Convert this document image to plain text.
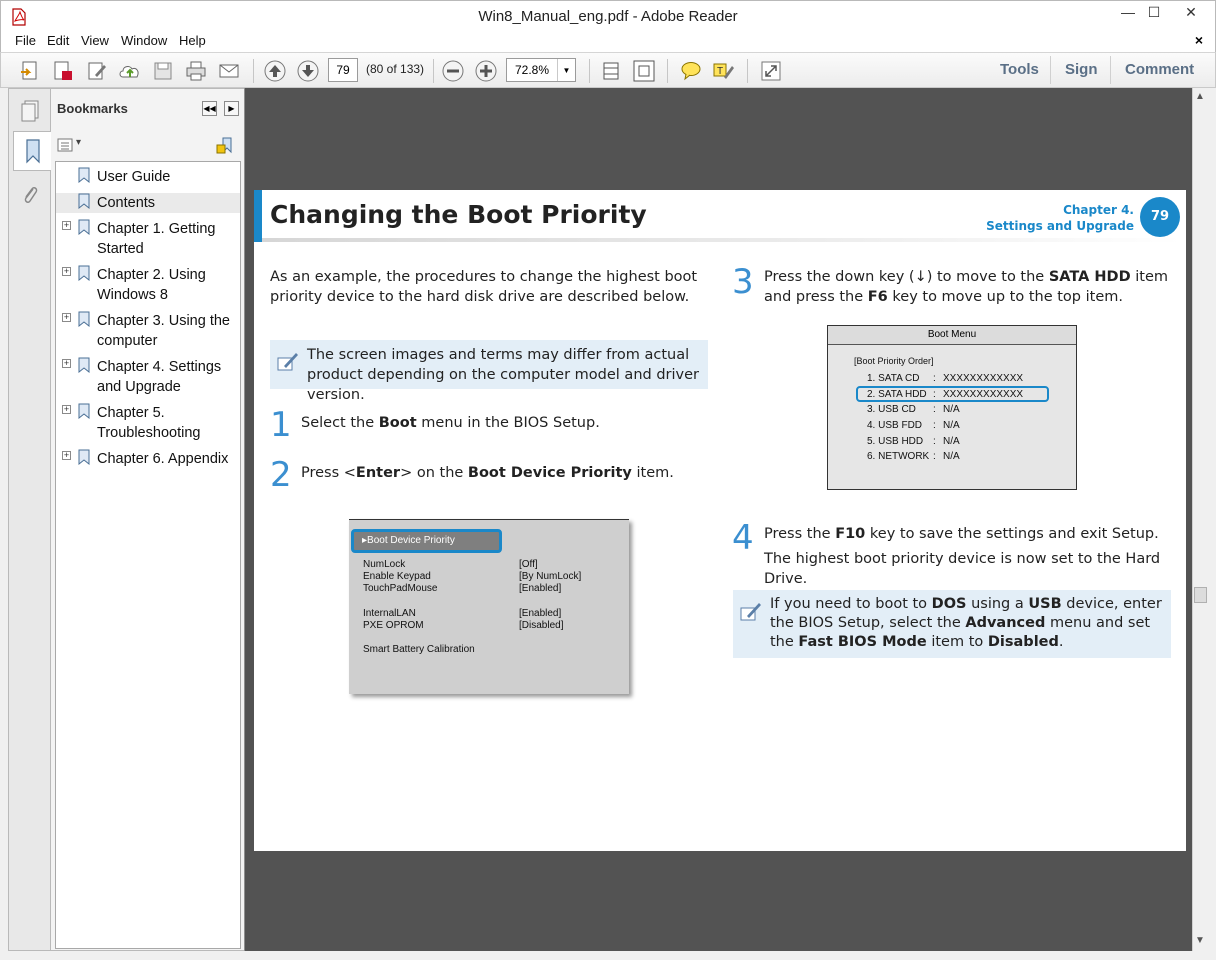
Win8_Manual_eng.pdf - Adobe Reader	— ☐	✕
File Edit View Window Help	×
T
79	(80 of 133)	72.8%	▼	Tools Sign Comment
Bookmarks	◀◀	▶
▾
User Guide
Contents
+ Chapter 1. Getting Started
+ Chapter 2. Using Windows 8
+ Chapter 3. Using the computer
+ Chapter 4. Settings and Upgrade
+ Chapter 5. Troubleshooting
+ Chapter 6. Appendix
▲
▼
Changing the Boot Priority	Chapter 4.
Settings and Upgrade
79
As an example, the procedures to change the highest boot priority device to the hard disk drive are described below.
The screen images and terms may differ from actual product depending on the computer model and driver version.
1 Select the Boot menu in the BIOS Setup.
2 Press <Enter> on the Boot Device Priority item.
▸Boot Device Priority
NumLock	[Off]
Enable Keypad	[By NumLock]
TouchPadMouse	[Enabled]
InternalLAN	[Enabled]
PXE OPROM	[Disabled]
Smart Battery Calibration
3 Press the down key (↓) to move to the SATA HDD item and press the F6 key to move up to the top item.
Boot Menu
[Boot Priority Order]
1. SATA CD : XXXXXXXXXXXX
2. SATA HDD : XXXXXXXXXXXX
3. USB CD : N/A
4. USB FDD : N/A
5. USB HDD : N/A
6. NETWORK : N/A
4 Press the F10 key to save the settings and exit Setup.
The highest boot priority device is now set to the Hard Drive.
If you need to boot to DOS using a USB device, enter the BIOS Setup, select the Advanced menu and set the Fast BIOS Mode item to Disabled.
